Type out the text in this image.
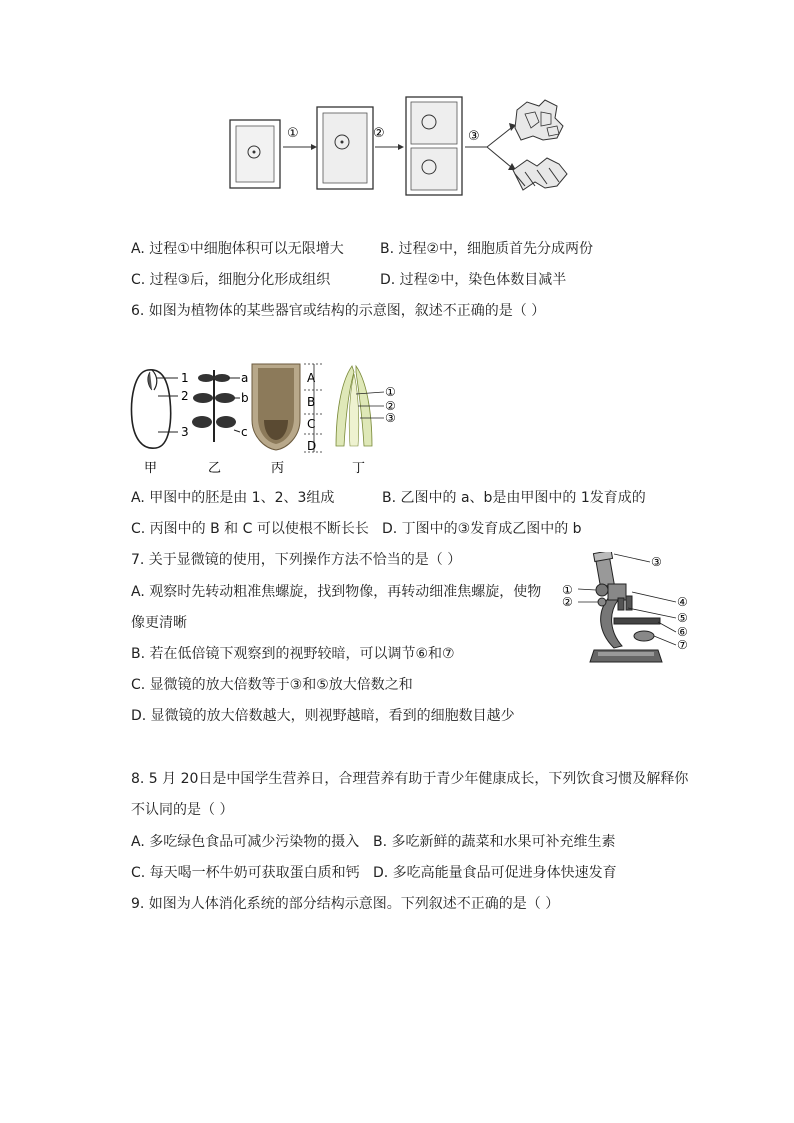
①	②	③
A. 过程①中细胞体积可以无限增大	B. 过程②中，细胞质首先分成两份
C. 过程③后，细胞分化形成组织	D. 过程②中，染色体数目减半
6. 如图为植物体的某些器官或结构的示意图，叙述不正确的是（ ）
1
2
3
甲
a
b
c
乙
A
B
C
D
丙
①
②
③
丁
A. 甲图中的胚是由 1、2、3组成	B. 乙图中的 a、b是由甲图中的 1发育成的
C. 丙图中的 B 和 C 可以使根不断长长 D. 丁图中的③发育成乙图中的 b
7. 关于显微镜的使用，下列操作方法不恰当的是（ ）
A. 观察时先转动粗准焦螺旋，找到物像，再转动细准焦螺旋，使物
像更清晰
B. 若在低倍镜下观察到的视野较暗，可以调节⑥和⑦
C. 显微镜的放大倍数等于③和⑤放大倍数之和
D. 显微镜的放大倍数越大，则视野越暗，看到的细胞数目越少
③
①
②	④
⑤
⑥
⑦
8. 5 月 20日是中国学生营养日，合理营养有助于青少年健康成长，下列饮食习惯及解释你
不认同的是（ ）
A. 多吃绿色食品可减少污染物的摄入 B. 多吃新鲜的蔬菜和水果可补充维生素
C. 每天喝一杯牛奶可获取蛋白质和钙 D. 多吃高能量食品可促进身体快速发育
9. 如图为人体消化系统的部分结构示意图。下列叙述不正确的是（ ）
